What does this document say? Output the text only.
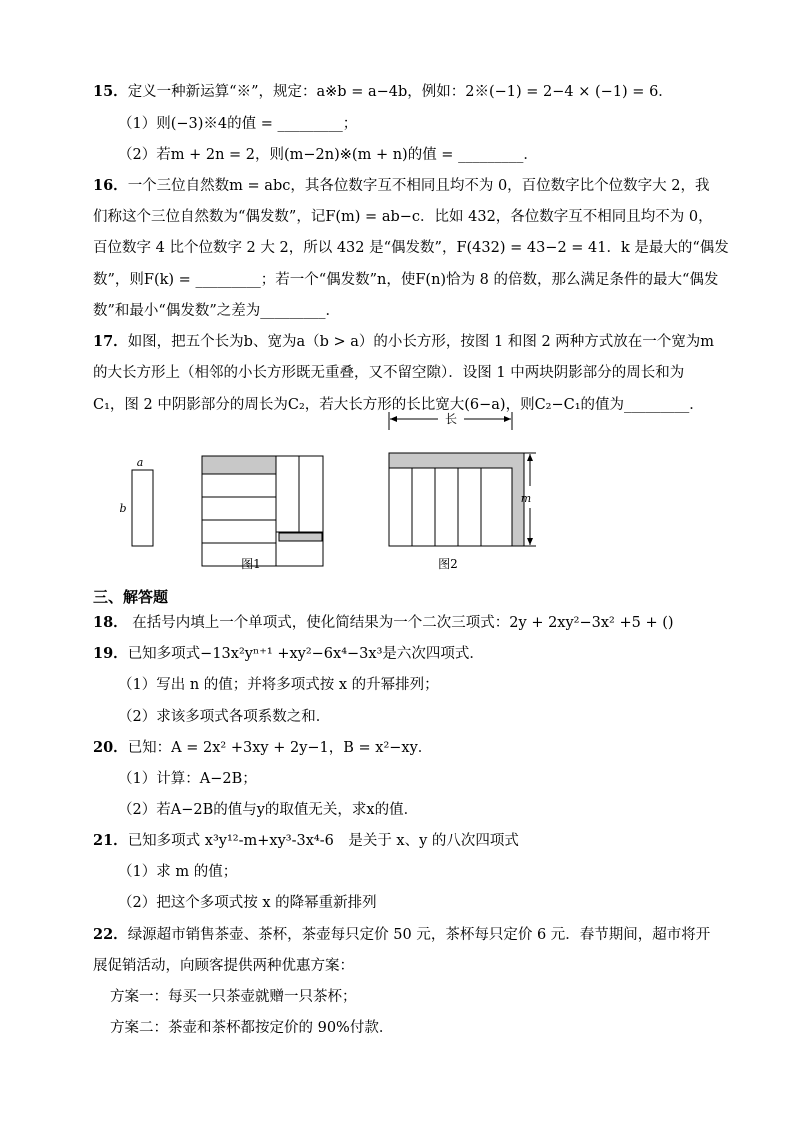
15．定义一种新运算“※”，规定：a※b = a−4b，例如：2※(−1) = 2−4 × (−1) = 6．
（1）则(−3)※4的值 = _________；
（2）若m + 2n = 2，则(m−2n)※(m + n)的值 = _________．
16．一个三位自然数m = abc，其各位数字互不相同且均不为 0，百位数字比个位数字大 2，我
们称这个三位自然数为“偶发数”，记F(m) = ab−c．比如 432，各位数字互不相同且均不为 0，
百位数字 4 比个位数字 2 大 2，所以 432 是“偶发数”，F(432) = 43−2 = 41．k 是最大的“偶发
数”，则F(k) = _________；若一个“偶发数”n，使F(n)恰为 8 的倍数，那么满足条件的最大“偶发
数”和最小“偶发数”之差为_________．
17．如图，把五个长为b、宽为a（b > a）的小长方形，按图 1 和图 2 两种方式放在一个宽为m
的大长方形上（相邻的小长方形既无重叠，又不留空隙）．设图 1 中两块阴影部分的周长和为
C₁，图 2 中阴影部分的周长为C₂，若大长方形的长比宽大(6−a)，则C₂−C₁的值为_________．
a
b
图1
长
m
图2
三、解答题
18． 在括号内填上一个单项式，使化简结果为一个二次三项式：2y + 2xy²−3x² +5 + ()
19．已知多项式−13x²yⁿ⁺¹ +xy²−6x⁴−3x³是六次四项式．
（1）写出 n 的值；并将多项式按 x 的升幂排列；
（2）求该多项式各项系数之和．
20．已知：A = 2x² +3xy + 2y−1，B = x²−xy．
（1）计算：A−2B；
（2）若A−2B的值与y的取值无关，求x的值．
21．已知多项式 x³y¹²-m+xy³-3x⁴-6　是关于 x、y 的八次四项式
（1）求 m 的值；
（2）把这个多项式按 x 的降幂重新排列
22．绿源超市销售茶壶、茶杯，茶壶每只定价 50 元，茶杯每只定价 6 元．春节期间，超市将开
展促销活动，向顾客提供两种优惠方案：
方案一：每买一只茶壶就赠一只茶杯；
方案二：茶壶和茶杯都按定价的 90%付款．
